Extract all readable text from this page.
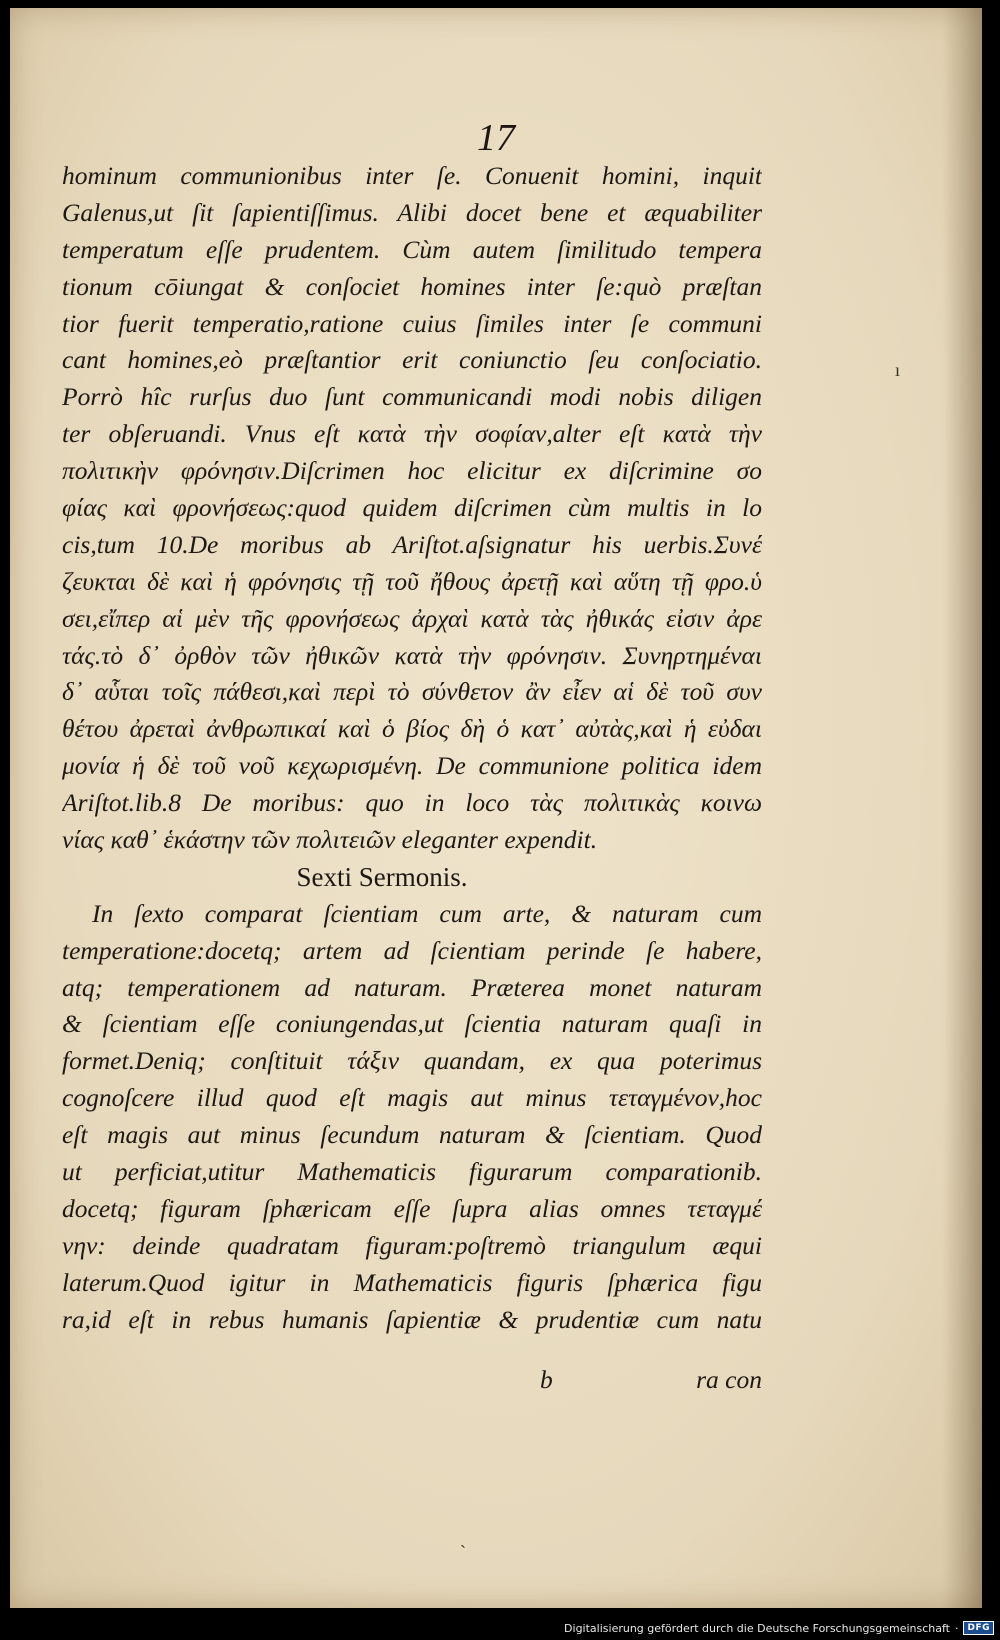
17
hominum communionibus inter ſe. Conuenit homini, inquit
Galenus,ut ſit ſapientiſſimus. Alibi docet bene et æquabiliter
temperatum eſſe prudentem. Cùm autem ſimilitudo tempera
tionum cōiungat & conſociet homines inter ſe:quò præſtan
tior fuerit temperatio,ratione cuius ſimiles inter ſe communi
cant homines,eò præſtantior erit coniunctio ſeu conſociatio.
Porrò hîc rurſus duo ſunt communicandi modi nobis diligen
ter obſeruandi. Vnus eſt κατὰ τὴν σοφίαν,alter eſt κατὰ τὴν
πολιτικὴν φρόνησιν.Diſcrimen hoc elicitur ex diſcrimine σο
φίας καὶ φρονήσεως:quod quidem diſcrimen cùm multis in lo
cis,tum 10.De moribus ab Ariſtot.aſsignatur his uerbis.Συνέ
ζευκται δὲ καὶ ἡ φρόνησις τῇ τοῦ ἤθους ἀρετῇ καὶ αὕτη τῇ φρο.ὑ
σει,εἴπερ αἱ μὲν τῆς φρονήσεως ἀρχαὶ κατὰ τὰς ἠθικάς εἰσιν ἀρε
τάς.τὸ δ᾽ ὀρθὸν τῶν ἠθικῶν κατὰ τὴν φρόνησιν. Συνηρτημέναι
δ᾽ αὗται τοῖς πάθεσι,καὶ περὶ τὸ σύνθετον ἂν εἶεν αἱ δὲ τοῦ συν
θέτου ἀρεταὶ ἀνθρωπικαί καὶ ὁ βίος δὴ ὁ κατ᾽ αὐτὰς,καὶ ἡ εὐδαι
μονία ἡ δὲ τοῦ νοῦ κεχωρισμένη. De communione politica idem
Ariſtot.lib.8 De moribus: quo in loco τὰς πολιτικὰς κοινω
νίας καθ᾽ ἑκάστην τῶν πολιτειῶν eleganter expendit.
Sexti Sermonis.
In ſexto comparat ſcientiam cum arte, & naturam cum
temperatione:docetq; artem ad ſcientiam perinde ſe habere,
atq; temperationem ad naturam. Præterea monet naturam
& ſcientiam eſſe coniungendas,ut ſcientia naturam quaſi in
formet.Deniq; conſtituit τάξιν quandam, ex qua poterimus
cognoſcere illud quod eſt magis aut minus τεταγμένον,hoc
eſt magis aut minus ſecundum naturam & ſcientiam. Quod
ut perficiat,utitur Mathematicis figurarum comparationib.
docetq; figuram ſphæricam eſſe ſupra alias omnes τεταγμέ
νην: deinde quadratam figuram:poſtremò triangulum æqui
laterum.Quod igitur in Mathematicis figuris ſphærica figu
ra,id eſt in rebus humanis ſapientiæ & prudentiæ cum natu
b	ra con
ı
ˏ
Digitalisierung gefördert durch die Deutsche Forschungsgemeinschaft ·	DFG
